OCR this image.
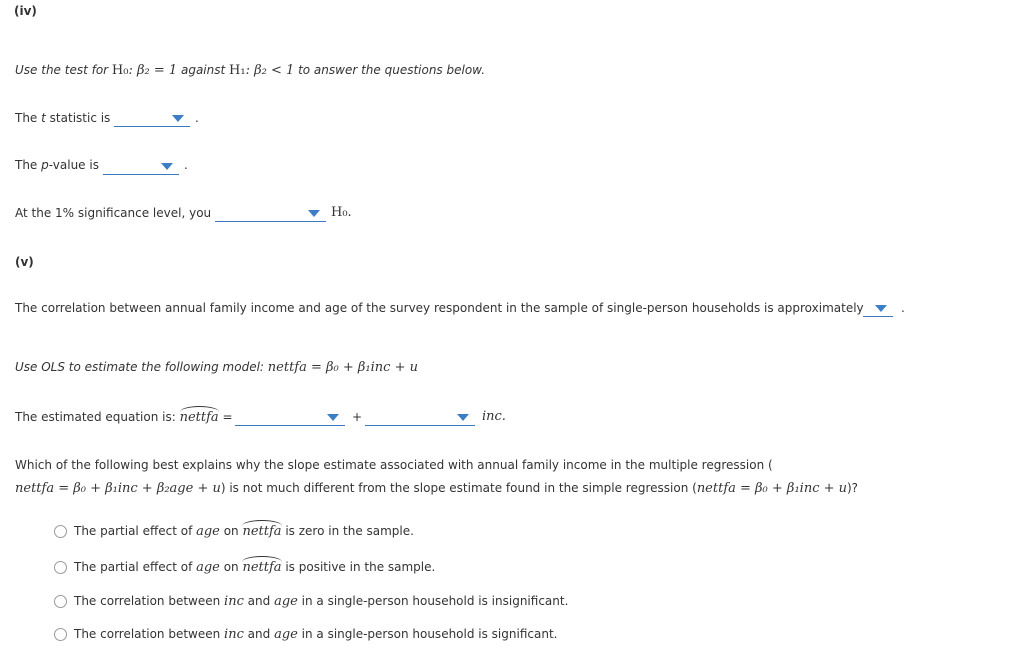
(iv)
Use the test for H₀: β₂ = 1 against H₁: β₂ < 1 to answer the questions below.
The t statistic is	.
The p-value is	.
At the 1% significance level, you	H₀.
(v)
The correlation between annual family income and age of the survey respondent in the sample of single-person households is approximately	.
Use OLS to estimate the following model: nettfa = β₀ + β₁inc + u
The estimated equation is: nettfa =	+	inc.
Which of the following best explains why the slope estimate associated with annual family income in the multiple regression (
nettfa = β₀ + β₁inc + β₂age + u) is not much different from the slope estimate found in the simple regression (nettfa = β₀ + β₁inc + u)?
The partial effect of age on nettfa is zero in the sample.
The partial effect of age on nettfa is positive in the sample.
The correlation between inc and age in a single-person household is insignificant.
The correlation between inc and age in a single-person household is significant.
